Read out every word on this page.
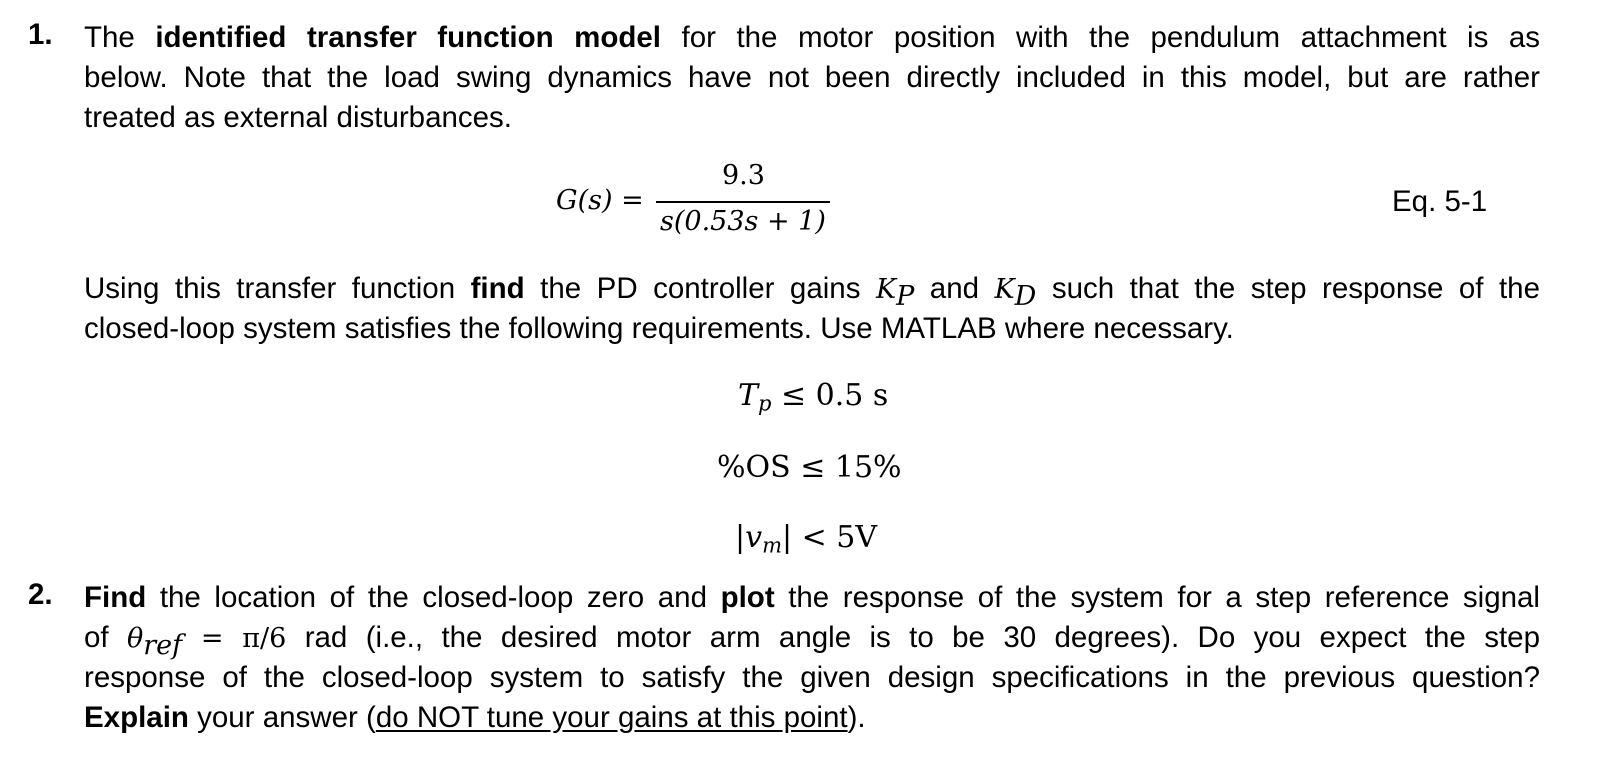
1. The identified transfer function model for the motor position with the pendulum attachment is as
below. Note that the load swing dynamics have not been directly included in this model, but are rather
treated as external disturbances.
G(s) =
9.3
s(0.53s + 1)
Eq. 5-1
Using this transfer function find the PD controller gains $K_P$ and $K_D$ such that the step response of the
closed-loop system satisfies the following requirements. Use MATLAB where necessary.
$T_p \le 0.5$ s
%OS ≤ 15%
$|v_m| < 5V$
2. Find the location of the closed-loop zero and plot the response of the system for a step reference signal
of $\theta_{ref} = \pi/6$ rad (i.e., the desired motor arm angle is to be 30 degrees). Do you expect the step
response of the closed-loop system to satisfy the given design specifications in the previous question?
Explain your answer (do NOT tune your gains at this point).
